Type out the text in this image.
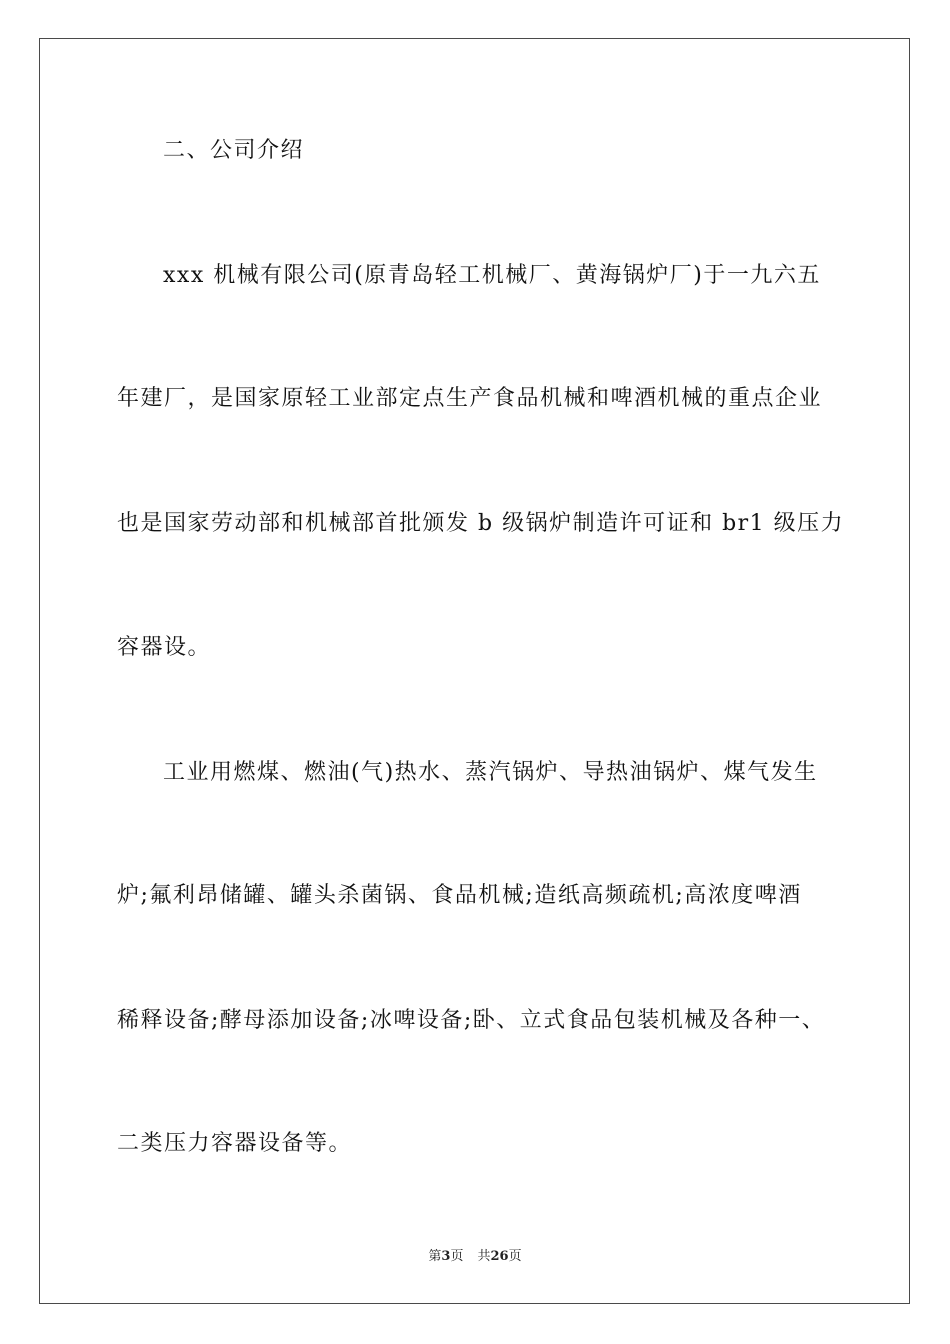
二、公司介绍
xxx 机械有限公司(原青岛轻工机械厂、黄海锅炉厂)于一九六五
年建厂，是国家原轻工业部定点生产食品机械和啤酒机械的重点企业
也是国家劳动部和机械部首批颁发 b 级锅炉制造许可证和 br1 级压力
容器设。
工业用燃煤、燃油(气)热水、蒸汽锅炉、导热油锅炉、煤气发生
炉;氟利昂储罐、罐头杀菌锅、食品机械;造纸高频疏机;高浓度啤酒
稀释设备;酵母添加设备;冰啤设备;卧、立式食品包装机械及各种一、
二类压力容器设备等。
第3页 共26页
